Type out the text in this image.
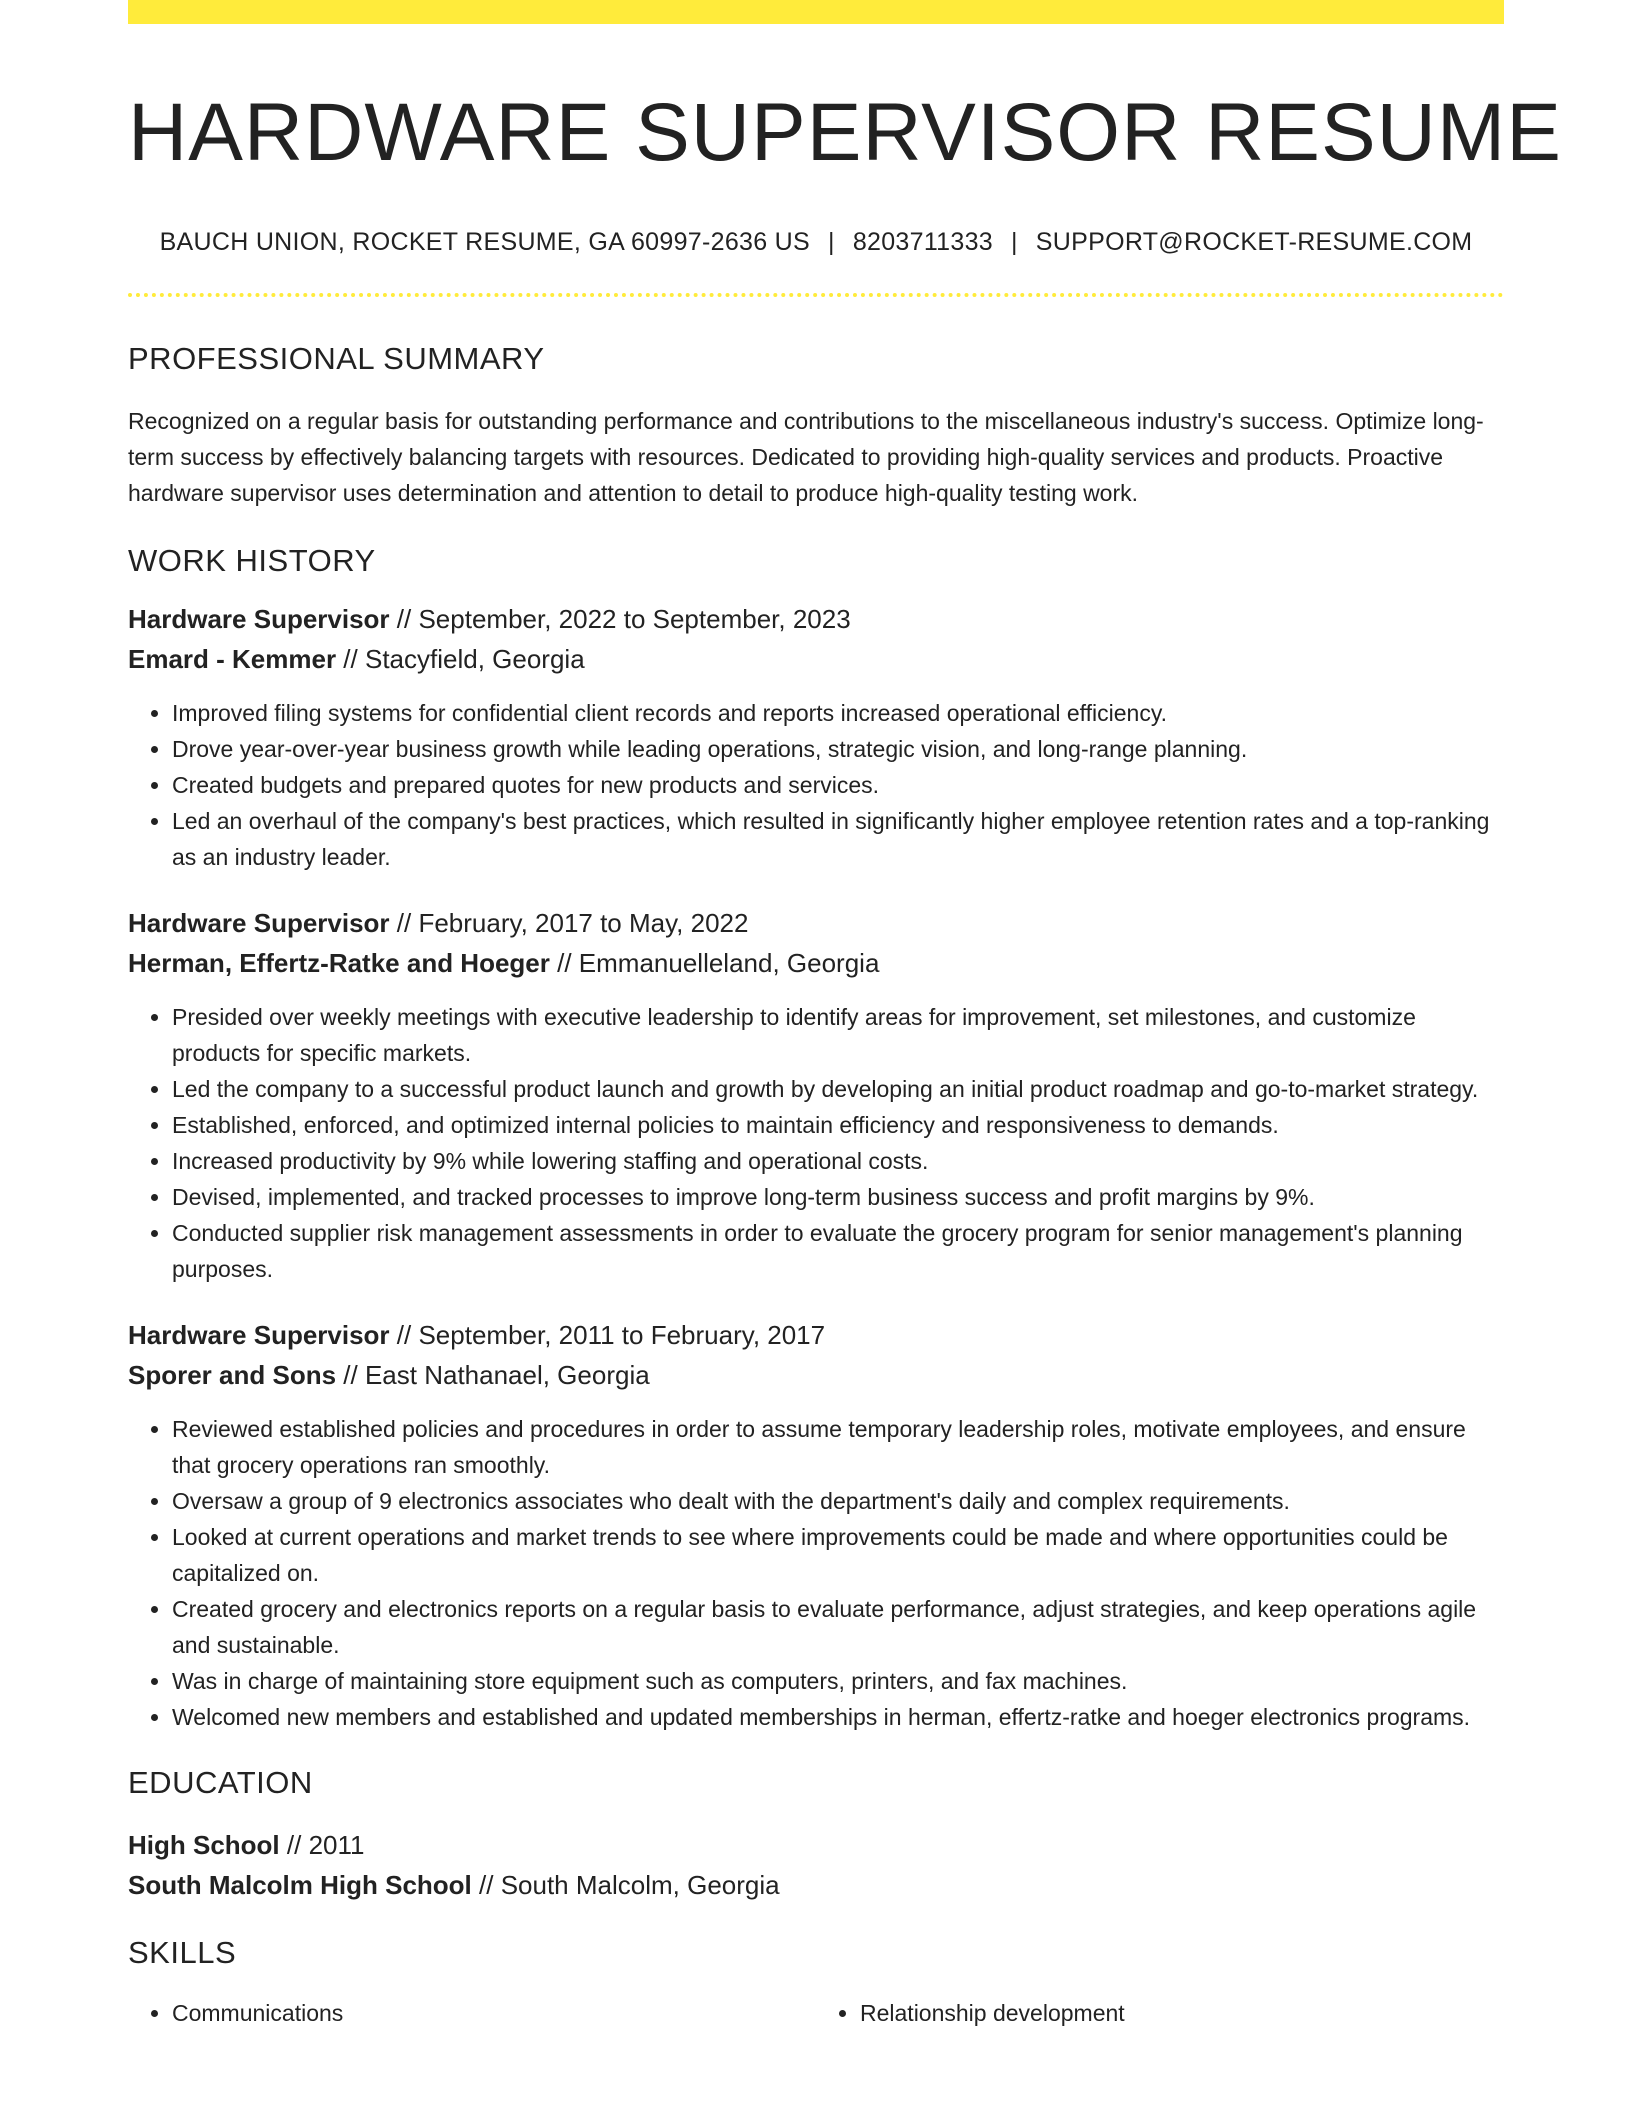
HARDWARE SUPERVISOR RESUME
BAUCH UNION, ROCKET RESUME, GA 60997-2636 US | 8203711333 | SUPPORT@ROCKET-RESUME.COM
PROFESSIONAL SUMMARY
Recognized on a regular basis for outstanding performance and contributions to the miscellaneous industry's success. Optimize long-term success by effectively balancing targets with resources. Dedicated to providing high-quality services and products. Proactive hardware supervisor uses determination and attention to detail to produce high-quality testing work.
WORK HISTORY
Hardware Supervisor // September, 2022 to September, 2023
Emard - Kemmer // Stacyfield, Georgia
• Improved filing systems for confidential client records and reports increased operational efficiency.
• Drove year-over-year business growth while leading operations, strategic vision, and long-range planning.
• Created budgets and prepared quotes for new products and services.
• Led an overhaul of the company's best practices, which resulted in significantly higher employee retention rates and a top-ranking as an industry leader.
Hardware Supervisor // February, 2017 to May, 2022
Herman, Effertz-Ratke and Hoeger // Emmanuelleland, Georgia
• Presided over weekly meetings with executive leadership to identify areas for improvement, set milestones, and customize products for specific markets.
• Led the company to a successful product launch and growth by developing an initial product roadmap and go-to-market strategy.
• Established, enforced, and optimized internal policies to maintain efficiency and responsiveness to demands.
• Increased productivity by 9% while lowering staffing and operational costs.
• Devised, implemented, and tracked processes to improve long-term business success and profit margins by 9%.
• Conducted supplier risk management assessments in order to evaluate the grocery program for senior management's planning purposes.
Hardware Supervisor // September, 2011 to February, 2017
Sporer and Sons // East Nathanael, Georgia
• Reviewed established policies and procedures in order to assume temporary leadership roles, motivate employees, and ensure that grocery operations ran smoothly.
• Oversaw a group of 9 electronics associates who dealt with the department's daily and complex requirements.
• Looked at current operations and market trends to see where improvements could be made and where opportunities could be capitalized on.
• Created grocery and electronics reports on a regular basis to evaluate performance, adjust strategies, and keep operations agile and sustainable.
• Was in charge of maintaining store equipment such as computers, printers, and fax machines.
• Welcomed new members and established and updated memberships in herman, effertz-ratke and hoeger electronics programs.
EDUCATION
High School // 2011
South Malcolm High School // South Malcolm, Georgia
SKILLS
• Communications
•	Relationship development
